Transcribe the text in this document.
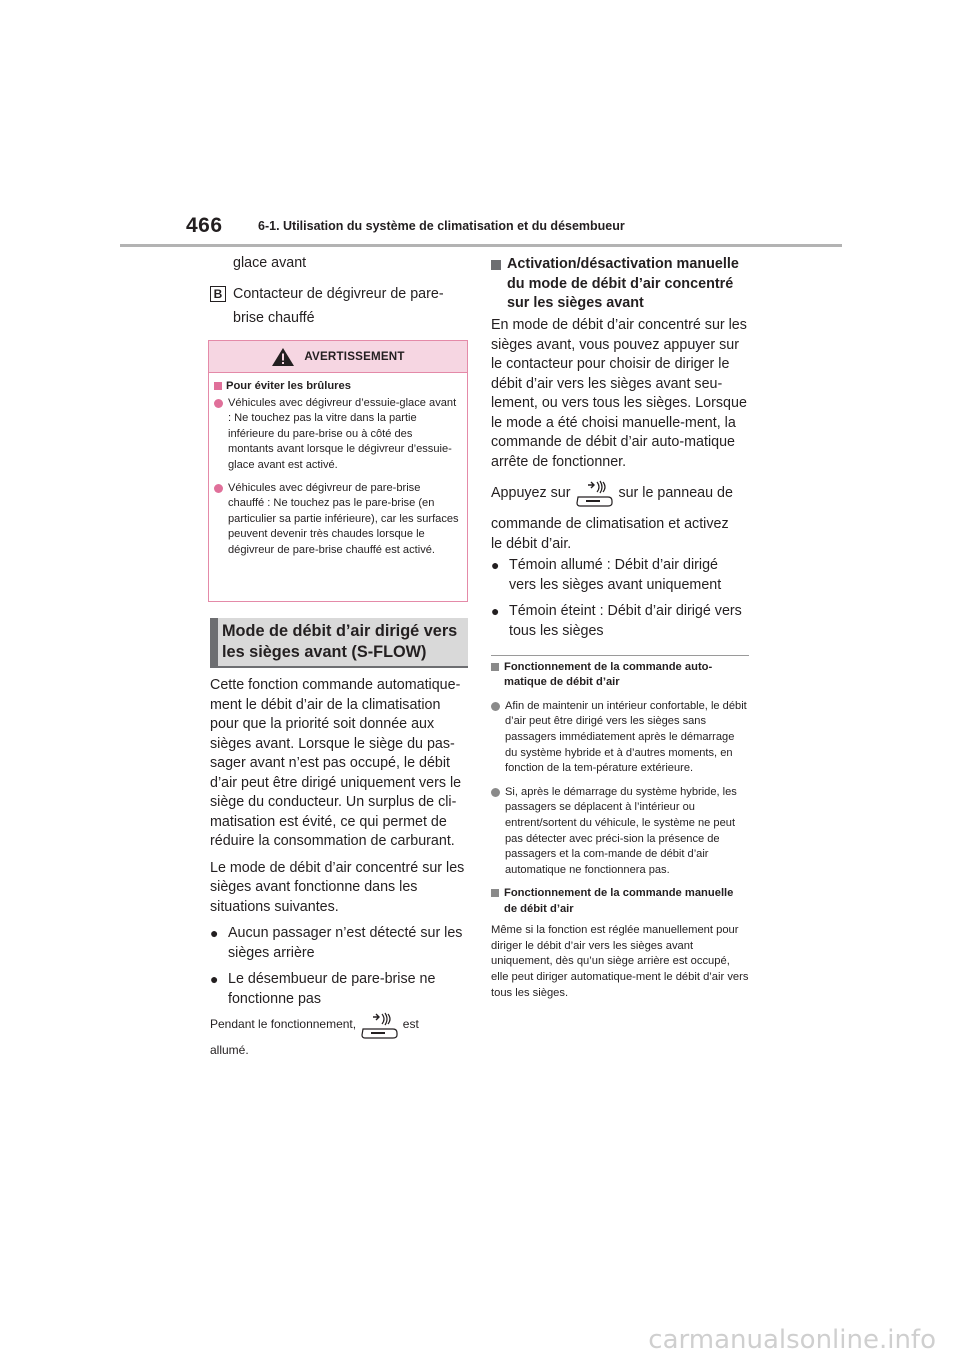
466	6-1. Utilisation du système de climatisation et du désembueur

glace avant

B Contacteur de dégivreur de pare-

brise chauffé

AVERTISSEMENT
Pour éviter les brûlures
Véhicules avec dégivreur d’essuie-glace avant : Ne touchez pas la vitre dans la partie inférieure du pare-brise ou à côté des montants avant lorsque le dégivreur d’essuie-glace avant est activé.
Véhicules avec dégivreur de pare-brise chauffé : Ne touchez pas le pare-brise (en particulier sa partie inférieure), car les surfaces peuvent devenir très chaudes lorsque le dégivreur de pare-brise chauffé est activé.
Mode de débit d’air dirigé vers
les sièges avant (S-FLOW)

Cette fonction commande automatique-ment le débit d’air de la climatisation pour que la priorité soit donnée aux sièges avant. Lorsque le siège du pas-sager avant n’est pas occupé, le débit d’air peut être dirigé uniquement vers le siège du conducteur. Un surplus de cli-matisation est évité, ce qui permet de réduire la consommation de carburant.

Le mode de débit d’air concentré sur les sièges avant fonctionne dans les situations suivantes.

● Aucun passager n’est détecté sur les sièges arrière
● Le désembueur de pare-brise ne fonctionne pas
Pendant le fonctionnement,	est
allumé.
Activation/désactivation manuelle du mode de débit d’air concentré sur les sièges avant

En mode de débit d’air concentré sur les sièges avant, vous pouvez appuyer sur le contacteur pour choisir de diriger le débit d’air vers les sièges avant seu-lement, ou vers tous les sièges. Lorsque le mode a été choisi manuelle-ment, la commande de débit d’air auto-matique arrête de fonctionner.

Appuyez sur	sur le panneau de

commande de climatisation et activez le débit d’air.

● Témoin allumé : Débit d’air dirigé vers les sièges avant uniquement
● Témoin éteint : Débit d’air dirigé vers tous les sièges
Fonctionnement de la commande auto-matique de débit d’air
Afin de maintenir un intérieur confortable, le débit d’air peut être dirigé vers les sièges sans passagers immédiatement après le démarrage du système hybride et à d’autres moments, en fonction de la tem-pérature extérieure.
Si, après le démarrage du système hybride, les passagers se déplacent à l’intérieur ou entrent/sortent du véhicule, le système ne peut pas détecter avec préci-sion la présence de passagers et la com-mande de débit d’air automatique ne fonctionnera pas.
Fonctionnement de la commande manuelle de débit d’air

Même si la fonction est réglée manuellement pour diriger le débit d’air vers les sièges avant uniquement, dès qu’un siège arrière est occupé, elle peut diriger automatique-ment le débit d’air vers tous les sièges.

carmanualsonline.info
